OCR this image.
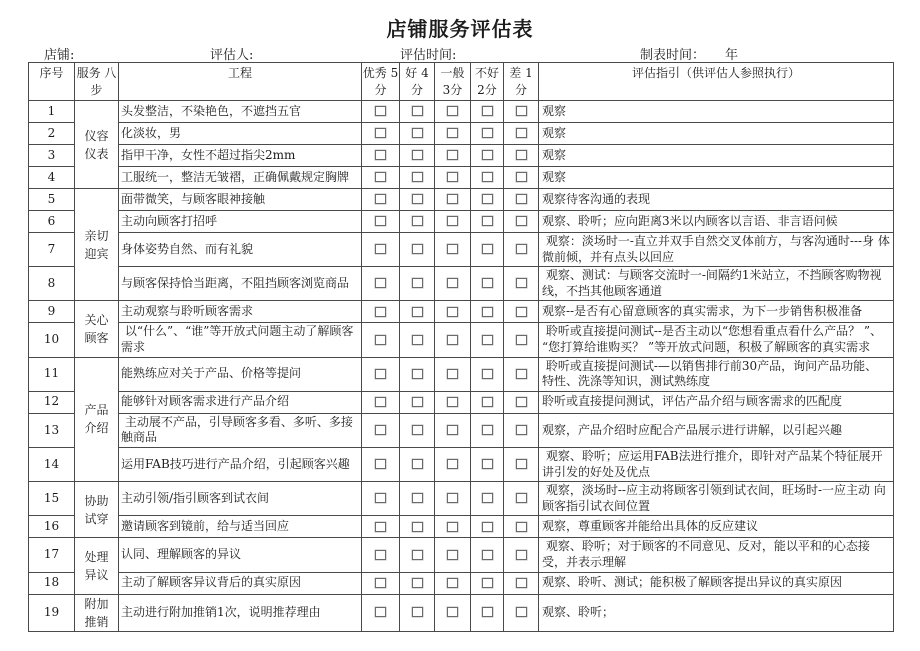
店铺服务评估表
店铺:	评估人:	评估时间:	制表时间： 年
序号	服务 八步	工程	优秀 5分	好 4分	一般 3分	不好 2分	差 1分	评估指引（供评估人参照执行）
1	仪容 仪表	头发整洁，不染艳色，不遮挡五官						观察
2		化淡妆，男						观察
3		指甲干净，女性不超过指尖2mm						观察
4		工服统一，整洁无皱褶，正确佩戴规定胸牌						观察
5	亲切 迎宾	面带微笑，与顾客眼神接触						观察待客沟通的表现
6		主动向顾客打招呼						观察、聆听；应向距离3米以内顾客以言语、非言语问候
7		身体姿势自然、而有礼貌						观察：淡场时一-直立并双手自然交叉体前方，与客沟通时---身 体微前倾，并有点头以回应
8		与顾客保持恰当距离，不阻挡顾客浏览商品						观察、测试：与顾客交流时一-间隔约1米站立，不挡顾客购物视 线，不挡其他顾客通道
9	关心 顾客	主动观察与聆听顾客需求						观察--是否有心留意顾客的真实需求，为下一步销售积极准备
10		以“什么”、“谁”等开放式问题主动了解顾客需求						聆听或直接提问测试--是否主动以“您想看重点看什么产品？ ”、 “您打算给谁购买？ ”等开放式问题，积极了解顾客的真实需求
11	产品 介绍	能熟练应对关于产品、价格等提问						聆听或直接提问测试-—以销售排行前30产品，询问产品功能、 特性、洗涤等知识，测试熟练度
12		能够针对顾客需求进行产品介绍						聆听或直接提问测试，评估产品介绍与顾客需求的匹配度
13		主动展不产品，引导顾客多看、多听、多接触商品						观察，产品介绍时应配合产品展示进行讲解，以引起兴趣
14		运用FAB技巧进行产品介绍，引起顾客兴趣						观察、聆听；应运用FAB法进行推介，即针对产品某个特征展开 讲引发的好处及优点
15	协助 试穿	主动引领/指引顾客到试衣间						观察，淡场时--应主动将顾客引领到试衣间，旺场时-一应主动 向顾客指引试衣间位置
16		邀请顾客到镜前，给与适当回应						观察，尊重顾客并能给出具体的反应建议
17	处理 异议	认同、理解顾客的异议						观察、聆听；对于顾客的不同意见、反对，能以平和的心态接受，并表示理解
18		主动了解顾客异议背后的真实原因						观察、聆听、测试；能积极了解顾客提出异议的真实原因
19	附加 推销	主动进行附加推销1次，说明推荐理由						观察、聆听；
